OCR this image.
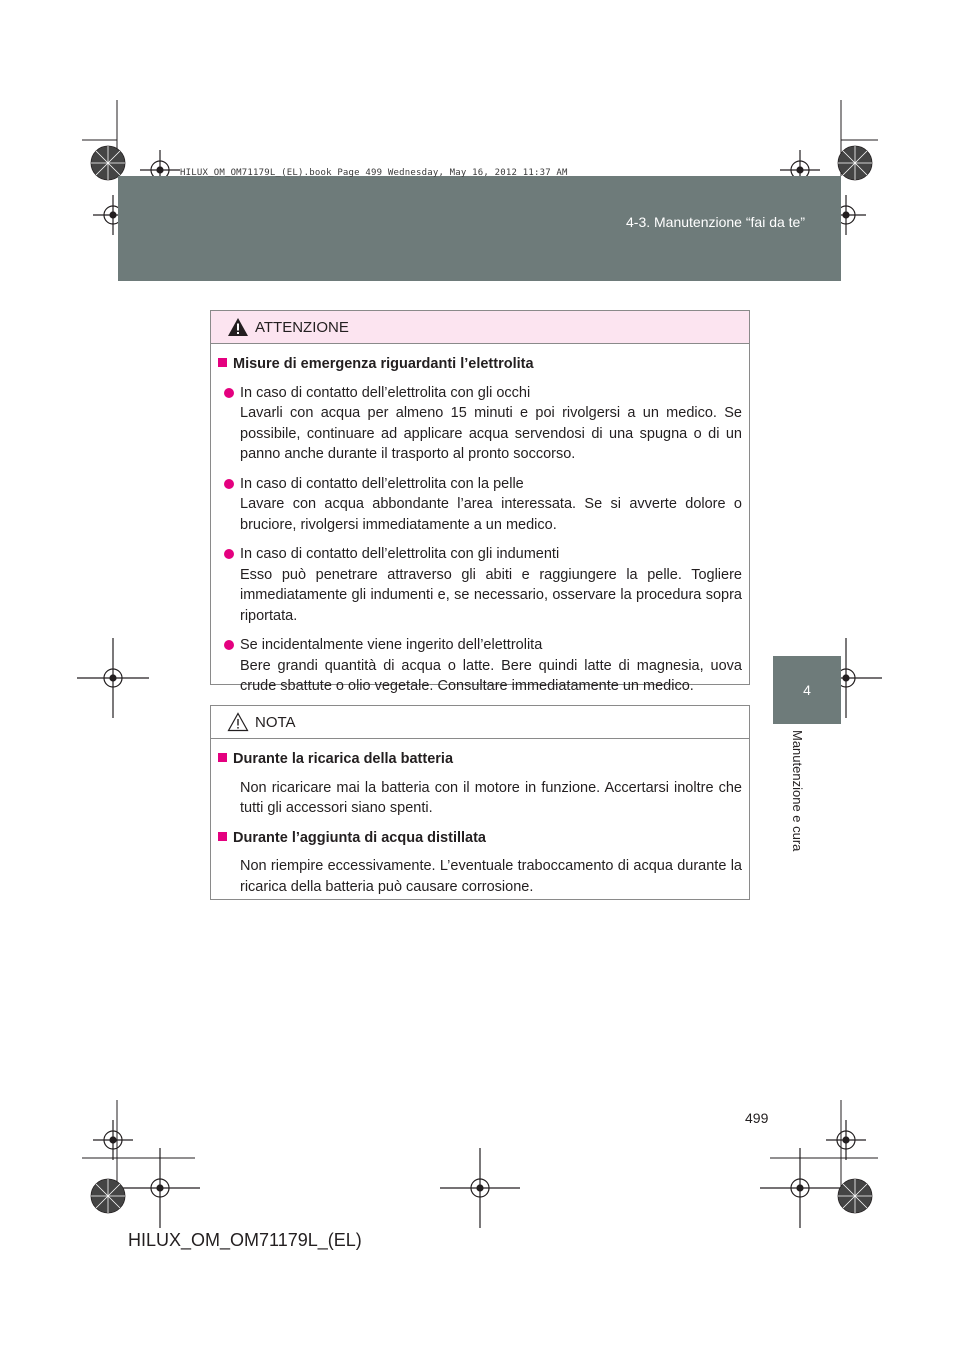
4-3. Manutenzione “fai da te”
HILUX_OM_OM71179L_(EL).book Page 499 Wednesday, May 16, 2012 11:37 AM
4
Manutenzione e cura
ATTENZIONE
Misure di emergenza riguardanti l’elettrolita
In caso di contatto dell’elettrolita con gli occhi
Lavarli con acqua per almeno 15 minuti e poi rivolgersi a un medico. Se possibile, continuare ad applicare acqua servendosi di una spugna o di un panno anche durante il trasporto al pronto soccorso.
In caso di contatto dell’elettrolita con la pelle
Lavare con acqua abbondante l’area interessata. Se si avverte dolore o bruciore, rivolgersi immediatamente a un medico.
In caso di contatto dell’elettrolita con gli indumenti
Esso può penetrare attraverso gli abiti e raggiungere la pelle. Togliere immediatamente gli indumenti e, se necessario, osservare la procedura sopra riportata.
Se incidentalmente viene ingerito dell’elettrolita
Bere grandi quantità di acqua o latte. Bere quindi latte di magnesia, uova crude sbattute o olio vegetale. Consultare immediatamente un medico.
NOTA
Durante la ricarica della batteria
Non ricaricare mai la batteria con il motore in funzione. Accertarsi inoltre che tutti gli accessori siano spenti.
Durante l’aggiunta di acqua distillata
Non riempire eccessivamente. L’eventuale traboccamento di acqua durante la ricarica della batteria può causare corrosione.
499
HILUX_OM_OM71179L_(EL)
